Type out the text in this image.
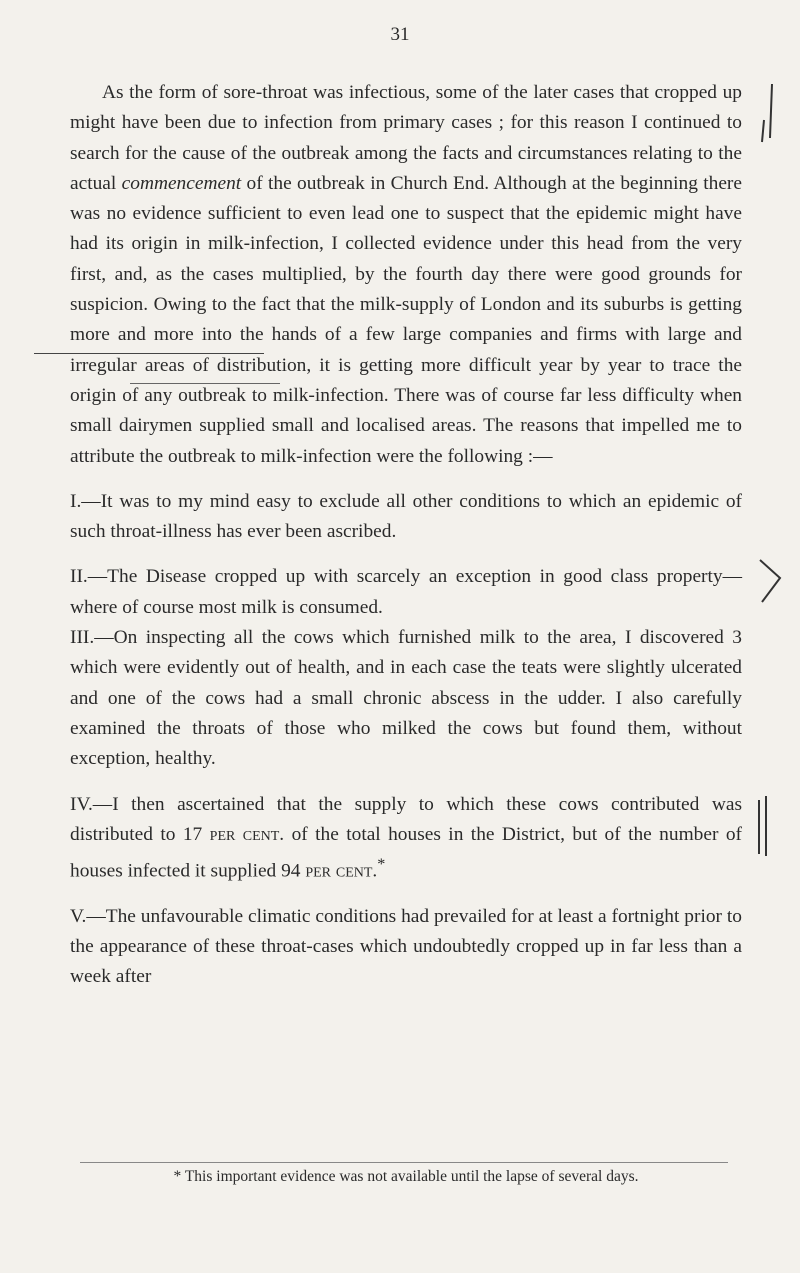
31

As the form of sore-throat was infectious, some of the later cases that cropped up might have been due to infection from primary cases ; for this reason I continued to search for the cause of the outbreak among the facts and circumstances relating to the actual commencement of the outbreak in Church End. Although at the beginning there was no evidence sufficient to even lead one to suspect that the epidemic might have had its origin in milk-infection, I collected evidence under this head from the very first, and, as the cases multiplied, by the fourth day there were good grounds for suspicion. Owing to the fact that the milk-supply of London and its suburbs is getting more and more into the hands of a few large companies and firms with large and irregular areas of distribution, it is getting more difficult year by year to trace the origin of any outbreak to milk-infection. There was of course far less difficulty when small dairymen supplied small and localised areas. The reasons that impelled me to attribute the outbreak to milk-infection were the following :—

I.—It was to my mind easy to exclude all other conditions to which an epidemic of such throat-illness has ever been ascribed.

II.—The Disease cropped up with scarcely an exception in good class property—where of course most milk is consumed.

III.—On inspecting all the cows which furnished milk to the area, I discovered 3 which were evidently out of health, and in each case the teats were slightly ulcerated and one of the cows had a small chronic abscess in the udder. I also carefully examined the throats of those who milked the cows but found them, without exception, healthy.

IV.—I then ascertained that the supply to which these cows contributed was distributed to 17 per cent. of the total houses in the District, but of the number of houses infected it supplied 94 per cent.*

V.—The unfavourable climatic conditions had prevailed for at least a fortnight prior to the appearance of these throat-cases which undoubtedly cropped up in far less than a week after

* This important evidence was not available until the lapse of several days.
